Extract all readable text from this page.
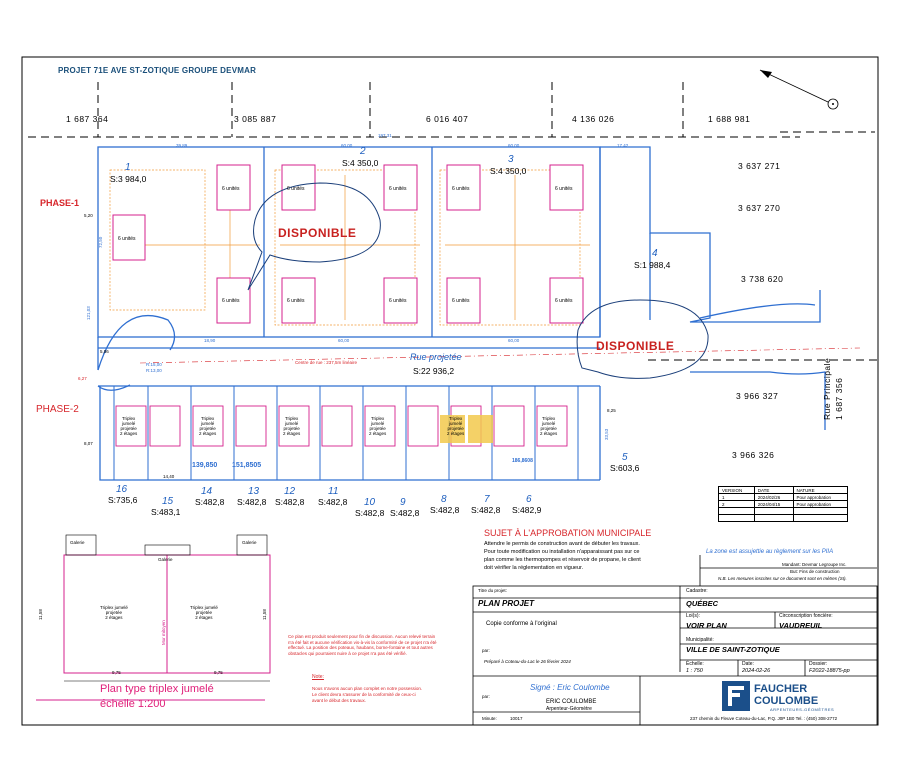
PROJET 71E AVE ST-ZOTIQUE GROUPE DEVMAR
PHASE-1
PHASE-2
1 687 364	3 085 887	6 016 407	4 136 026	1 688 981
3 637 271
3 637 270
3 738 620
3 966 327
3 966 326
Rue Principale 1 687 356
1
S:3 984,0
2
S:4 350,0	3
S:4 350,0
4
S:1 988,4
6 unités
6 unités
6 unités
6 unités
6 unités
6 unités
6 unités
6 unités
6 unités
6 unités
6 unités
DISPONIBLE
DISPONIBLE
Rue projetée
S:22 936,2
Centre de rue : 237,5m linéaire
197,31
39,89	60,00	60,00	17,42
121,03
72,50
R:15,00
R:13,00
18,90	60,00	60,00
5,20
6,27
5,86
8,07
8,25
33,53
14,40
139,850 151,8505
186,8608
Triplex
jumelé
projetée
2 étages
Triplex
jumelé
projetée
2 étages
Triplex
jumelé
projetée
2 étages
Triplex
jumelé
projetée
2 étages
Triplex
jumelé
projetée
2 étages
Triplex
jumelé
projetée
2 étages
16
S:735,6 15
S:483,1
14
S:482,8
13
S:482,8
12
S:482,8
11
S:482,8 10
S:482,8
9
S:482,8
8
S:482,8
7
S:482,8
6
S:482,9
5
S:603,6
VERSION	DATE	NATURE
1	2024/02/26	Pour approbation
2	2024/04/15	Pour approbation

La zone est assujettie au règlement sur les PIIA
Mandant: Devmar Legroupe Inc.
But: Fins de construction
N.B. Les mesures inscrites sur ce document sont en mètres (SI).
SUJET À L'APPROBATION MUNICIPALE
Attendre le permis de construction avant de débuter les travaux.
Pour toute modification ou installation n'apparaissant pas sur ce
plan comme les thermopompes et réservoir de propane, le client
doit vérifier la réglementation en vigueur.
Galerie	Galerie
Galerie
Triplex jumelé
projetée
2 étages
Triplex jumelé
projetée
2 étages
Mur mitoyen
9,75	9,75
11,58	11,58
Plan type triplex jumelé
échelle 1:200
Ce plan est produit seulement pour fin de discussion. Aucun relevé terrain
n'a été fait et aucune vérification vis-à-vis la conformité de ce projet n'a été
effectué. La position des poteaux, haubans, borne-fontaine et tout autres
obstacles qui pourraient nuire à ce projet n'a pas été vérifié.
Note:
Nous n'avons aucun plan complet en notre possession.
Le client devra s'assurer de la conformité de ceux-ci
avant le début des travaux.
Titre du projet:
PLAN PROJET
Copie conforme à l'original
par:
Préparé à Coteau-du-Lac le 26 février 2024
Signé : Eric Coulombe
par:
ERIC COULOMBE
Arpenteur-Géomètre
Minute:	10017
Cadastre:
QUÉBEC
Loi(s):
VOIR PLAN
Circonscription foncière:
VAUDREUIL
Municipalité:
VILLE DE SAINT-ZOTIQUE
Échelle:
1 : 750
Date:
2024-02-26
Dossier:
F2022-18875-pp
FAUCHER
COULOMBE
ARPENTEURS-GÉOMÈTRES
237 chemin du Fleuve Coteau-du-Lac, P.Q. J0P 1B0 Tel. : (450) 308-2772
